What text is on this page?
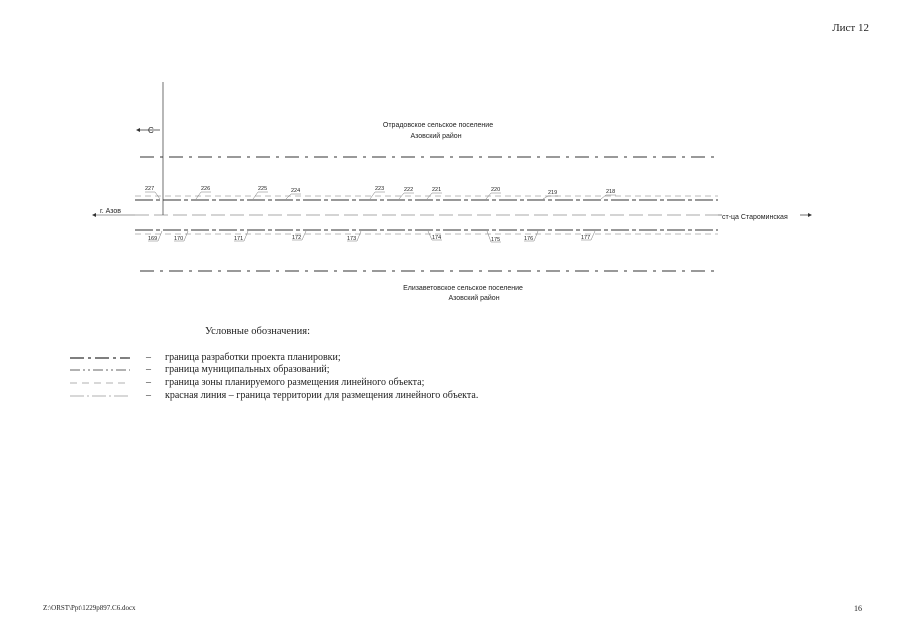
Лист 12
С
Отрадовское сельское поселение
Азовский район
г. Азов
ст-ца Староминская
227	226	225	224	223	222	221	220	219	218
169	170	171	172	173	174	175	176	177
Елизаветовское сельское поселение
Азовский район
Условные обозначения:
– граница разработки проекта планировки;
– граница муниципальных образований;
– граница зоны планируемого размещения линейного объекта;
– красная линия – граница территории для размещения линейного объекта.
Z:\ORST\Ppt\1229p897.C6.docx	16
